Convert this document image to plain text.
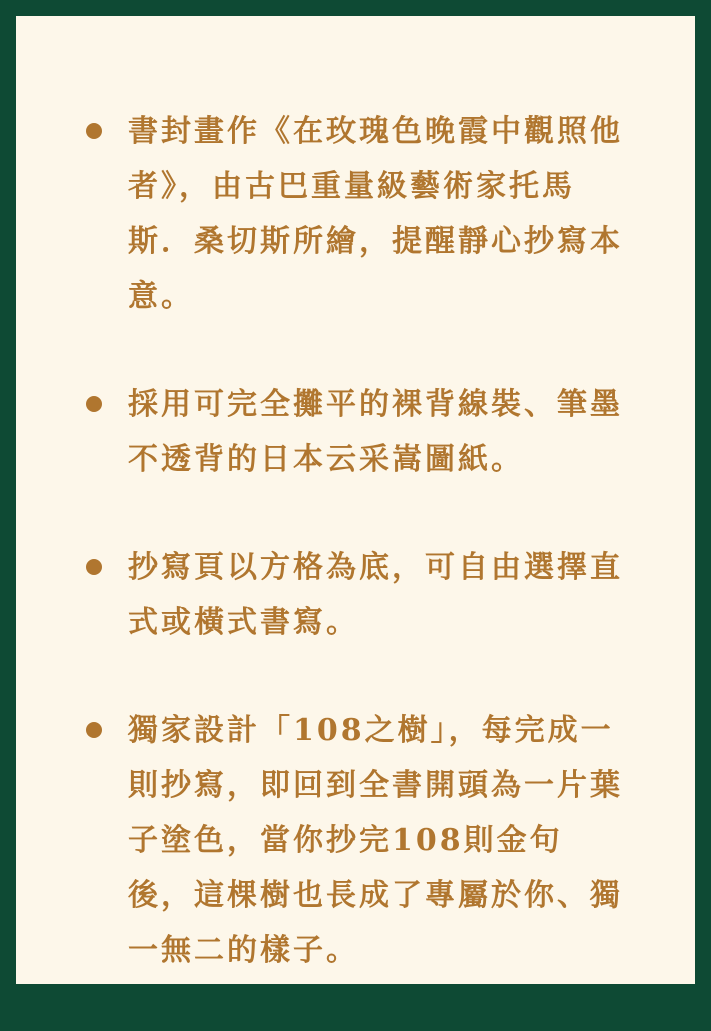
書封畫作《在玫瑰色晚霞中觀照他者》，由古巴重量級藝術家托馬斯．桑切斯所繪，提醒靜心抄寫本意。
採用可完全攤平的裸背線裝、筆墨不透背的日本云采嵩圖紙。
抄寫頁以方格為底，可自由選擇直式或橫式書寫。
獨家設計「108之樹」，每完成一則抄寫，即回到全書開頭為一片葉子塗色，當你抄完108則金句後，這棵樹也長成了專屬於你、獨一無二的樣子。
